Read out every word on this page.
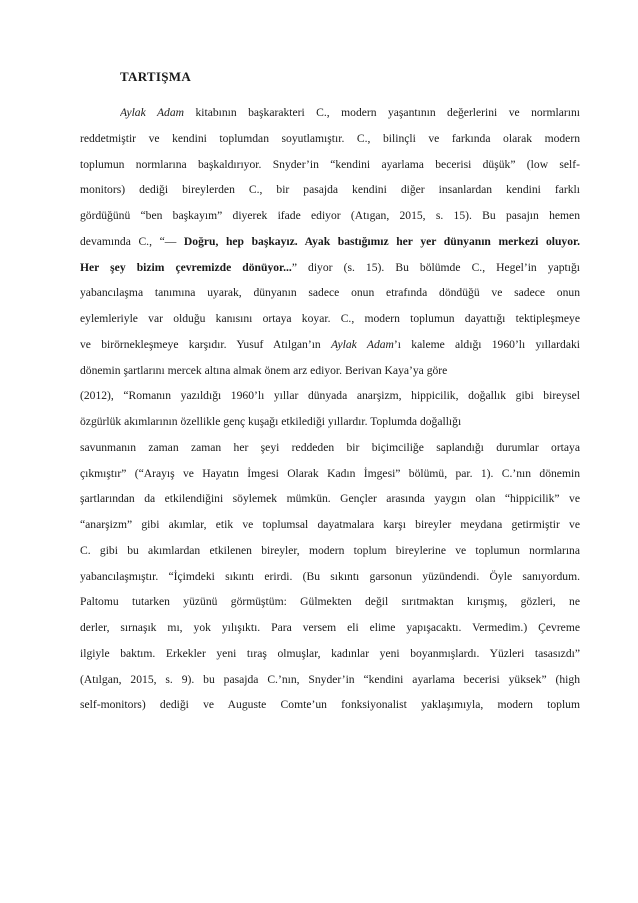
TARTIŞMA
Aylak Adam kitabının başkarakteri C., modern yaşantının değerlerini ve normlarını
reddetmiştir ve kendini toplumdan soyutlamıştır. C., bilinçli ve farkında olarak modern
toplumun normlarına başkaldırıyor. Snyder’in “kendini ayarlama becerisi düşük” (low self-
monitors) dediği bireylerden C., bir pasajda kendini diğer insanlardan kendini farklı
gördüğünü “ben başkayım” diyerek ifade ediyor (Atıgan, 2015, s. 15). Bu pasajın hemen
devamında C., “— Doğru, hep başkayız. Ayak bastığımız her yer dünyanın merkezi oluyor.
Her şey bizim çevremizde dönüyor...” diyor (s. 15). Bu bölümde C., Hegel’in yaptığı
yabancılaşma tanımına uyarak, dünyanın sadece onun etrafında döndüğü ve sadece onun
eylemleriyle var olduğu kanısını ortaya koyar. C., modern toplumun dayattığı tektipleşmeye
ve birörnekleşmeye karşıdır. Yusuf Atılgan’ın Aylak Adam’ı kaleme aldığı 1960’lı yıllardaki
dönemin şartlarını mercek altına almak önem arz ediyor. Berivan Kaya’ya göre
(2012), “Romanın yazıldığı 1960’lı yıllar dünyada anarşizm, hippicilik, doğallık gibi bireysel
özgürlük akımlarının özellikle genç kuşağı etkilediği yıllardır. Toplumda doğallığı
savunmanın zaman zaman her şeyi reddeden bir biçimciliğe saplandığı durumlar ortaya
çıkmıştır” (“Arayış ve Hayatın İmgesi Olarak Kadın İmgesi” bölümü, par. 1). C.’nın dönemin
şartlarından da etkilendiğini söylemek mümkün. Gençler arasında yaygın olan “hippicilik” ve
“anarşizm” gibi akımlar, etik ve toplumsal dayatmalara karşı bireyler meydana getirmiştir ve
C. gibi bu akımlardan etkilenen bireyler, modern toplum bireylerine ve toplumun normlarına
yabancılaşmıştır. “İçimdeki sıkıntı erirdi. (Bu sıkıntı garsonun yüzündendi. Öyle sanıyordum.
Paltomu tutarken yüzünü görmüştüm: Gülmekten değil sırıtmaktan kırışmış, gözleri, ne
derler, sırnaşık mı, yok yılışıktı. Para versem eli elime yapışacaktı. Vermedim.) Çevreme
ilgiyle baktım. Erkekler yeni tıraş olmuşlar, kadınlar yeni boyanmışlardı. Yüzleri tasasızdı”
(Atılgan, 2015, s. 9). bu pasajda C.’nın, Snyder’in “kendini ayarlama becerisi yüksek” (high
self-monitors) dediği ve Auguste Comte’un fonksiyonalist yaklaşımıyla, modern toplum
